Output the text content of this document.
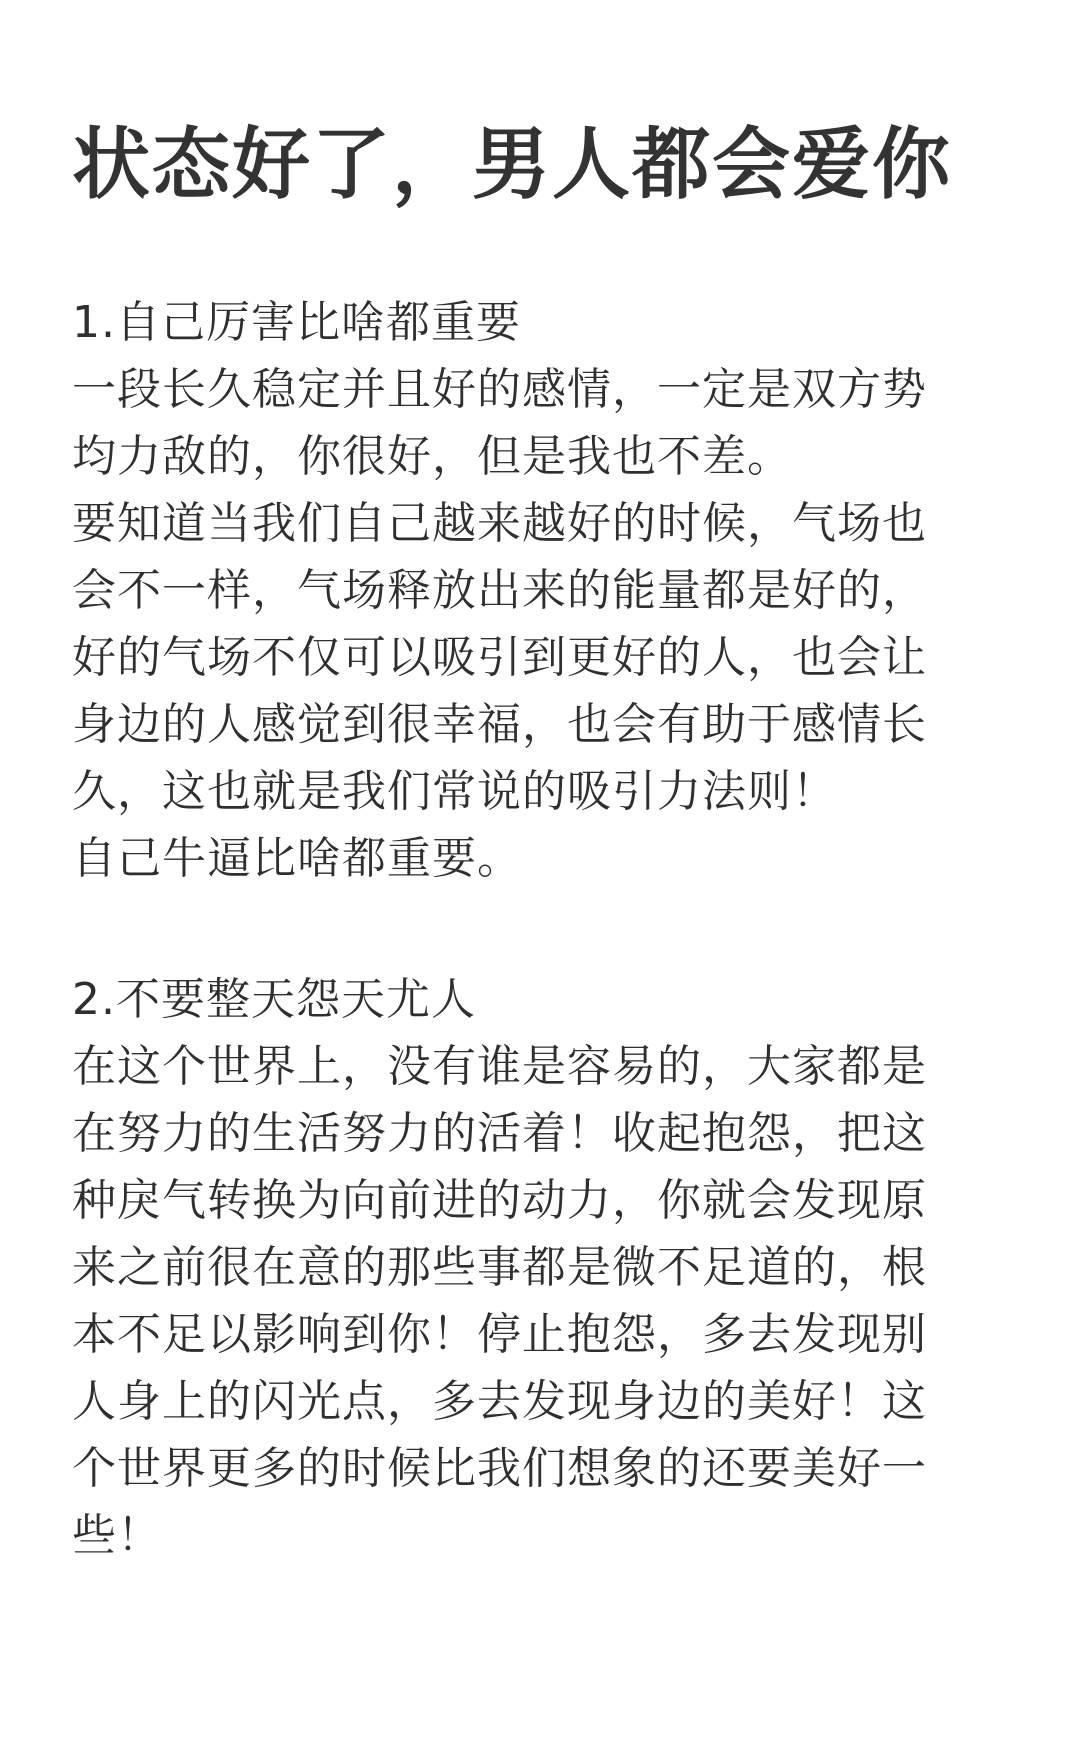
状态好了，男人都会爱你
1.自己厉害比啥都重要
一段长久稳定并且好的感情，一定是双方势
均力敌的，你很好，但是我也不差。
要知道当我们自己越来越好的时候，气场也
会不一样，气场释放出来的能量都是好的，
好的气场不仅可以吸引到更好的人，也会让
身边的人感觉到很幸福，也会有助于感情长
久，这也就是我们常说的吸引力法则！
自己牛逼比啥都重要。
2.不要整天怨天尤人
在这个世界上，没有谁是容易的，大家都是
在努力的生活努力的活着！收起抱怨，把这
种戾气转换为向前进的动力，你就会发现原
来之前很在意的那些事都是微不足道的，根
本不足以影响到你！停止抱怨，多去发现别
人身上的闪光点，多去发现身边的美好！这
个世界更多的时候比我们想象的还要美好一
些！
